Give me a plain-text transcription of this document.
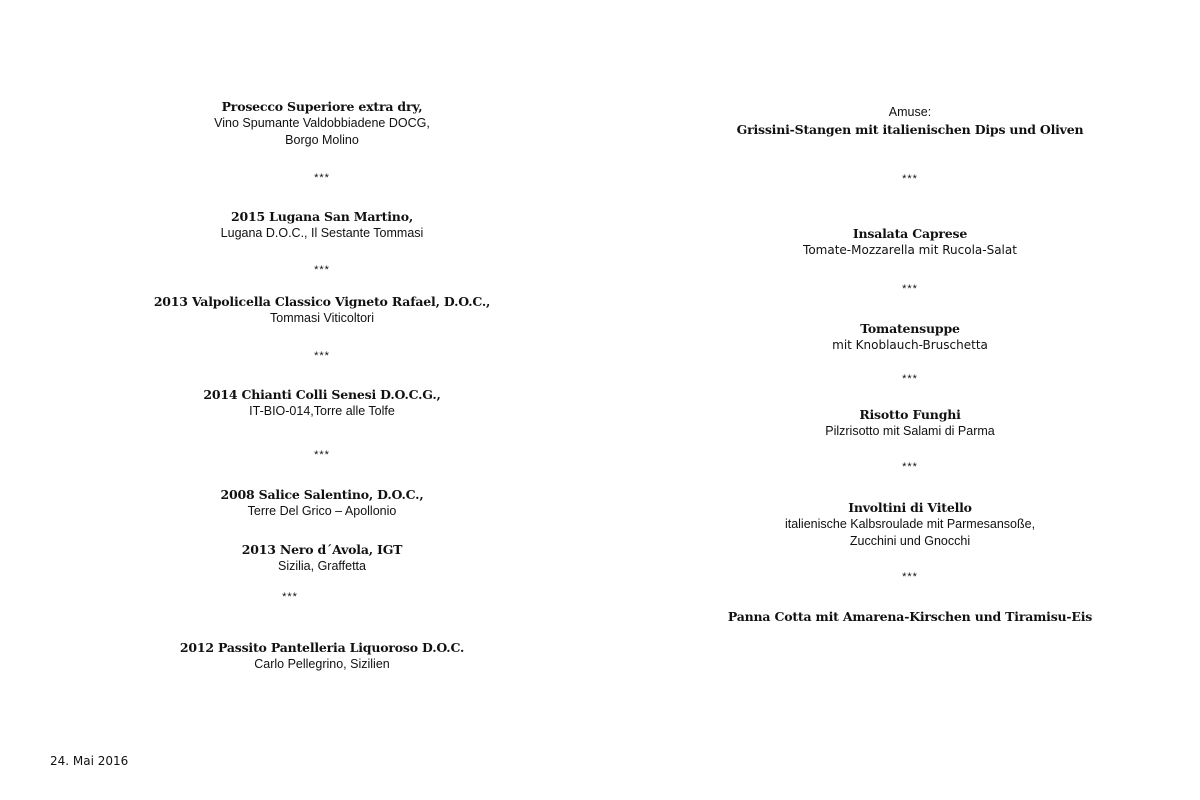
Prosecco Superiore extra dry,
Vino Spumante Valdobbiadene DOCG,
Borgo Molino
***
2015 Lugana San Martino,
Lugana D.O.C., Il Sestante Tommasi
***
2013 Valpolicella Classico Vigneto Rafael, D.O.C.,
Tommasi Viticoltori
***
2014 Chianti Colli Senesi D.O.C.G.,
IT-BIO-014,Torre alle Tolfe
***
2008 Salice Salentino, D.O.C.,
Terre Del Grico – Apollonio
2013 Nero d´Avola, IGT
Sizilia, Graffetta
***
2012 Passito Pantelleria Liquoroso D.O.C.
Carlo Pellegrino, Sizilien
Amuse:
Grissini-Stangen mit italienischen Dips und Oliven
***
Insalata Caprese
Tomate-Mozzarella mit Rucola-Salat
***
Tomatensuppe
mit Knoblauch-Bruschetta
***
Risotto Funghi
Pilzrisotto mit Salami di Parma
***
Involtini di Vitello
italienische Kalbsroulade mit Parmesansoße,
Zucchini und Gnocchi
***
Panna Cotta mit Amarena-Kirschen und Tiramisu-Eis
24. Mai 2016
